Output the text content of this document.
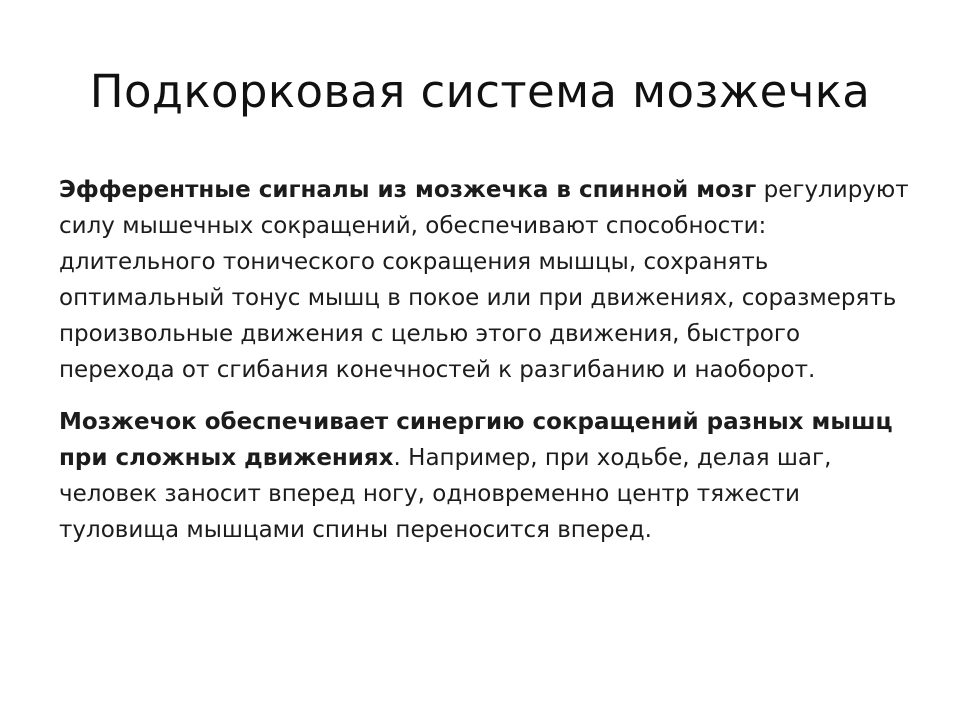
Подкорковая система мозжечка

Эфферентные сигналы из мозжечка в спинной мозг регулируют силу мышечных сокращений, обеспечивают способности: длительного тонического сокращения мышцы, сохранять оптимальный тонус мышц в покое или при движениях, соразмерять произвольные движения с целью этого движения, быстрого перехода от сгибания конечностей к разгибанию и наоборот.

Мозжечок обеспечивает синергию сокращений разных мышц при сложных движениях. Например, при ходьбе, делая шаг, человек заносит вперед ногу, одновременно центр тяжести туловища мышцами спины переносится вперед.
